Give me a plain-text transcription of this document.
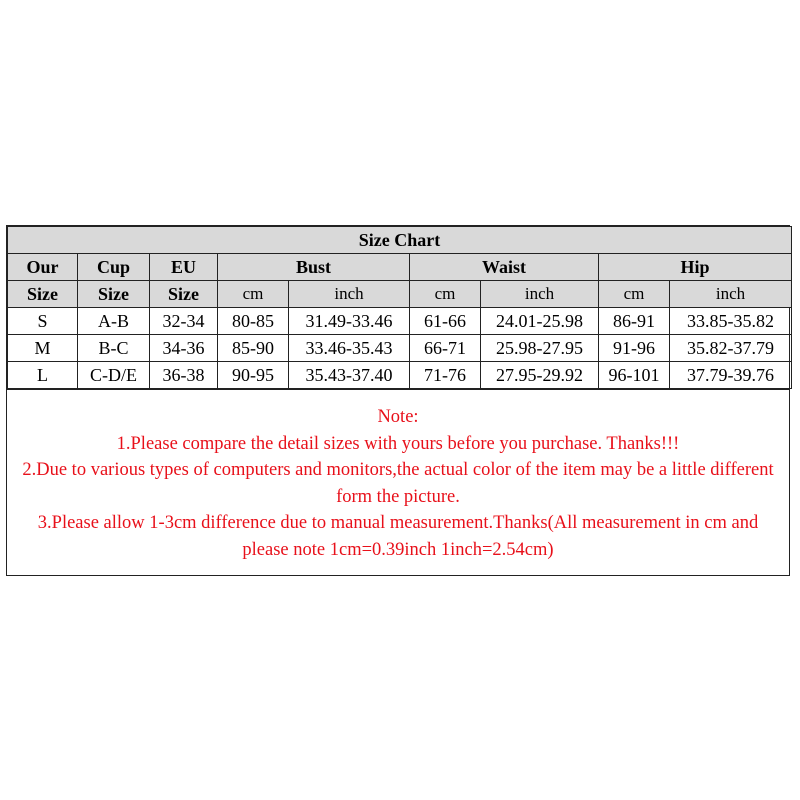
Size Chart								
Our	Cup	EU	Bust		Waist		Hip	
Size	Size	Size	cm	inch	cm	inch	cm	inch
S	A-B	32-34	80-85	31.49-33.46	61-66	24.01-25.98	86-91	33.85-35.82
M	B-C	34-36	85-90	33.46-35.43	66-71	25.98-27.95	91-96	35.82-37.79
L	C-D/E	36-38	90-95	35.43-37.40	71-76	27.95-29.92	96-101	37.79-39.76
Note:
1.Please compare the detail sizes with yours before you purchase. Thanks!!!
2.Due to various types of computers and monitors,the actual color of the item may be a little different form the picture.
3.Please allow 1-3cm difference due to manual measurement.Thanks(All measurement in cm and please note 1cm=0.39inch 1inch=2.54cm)
